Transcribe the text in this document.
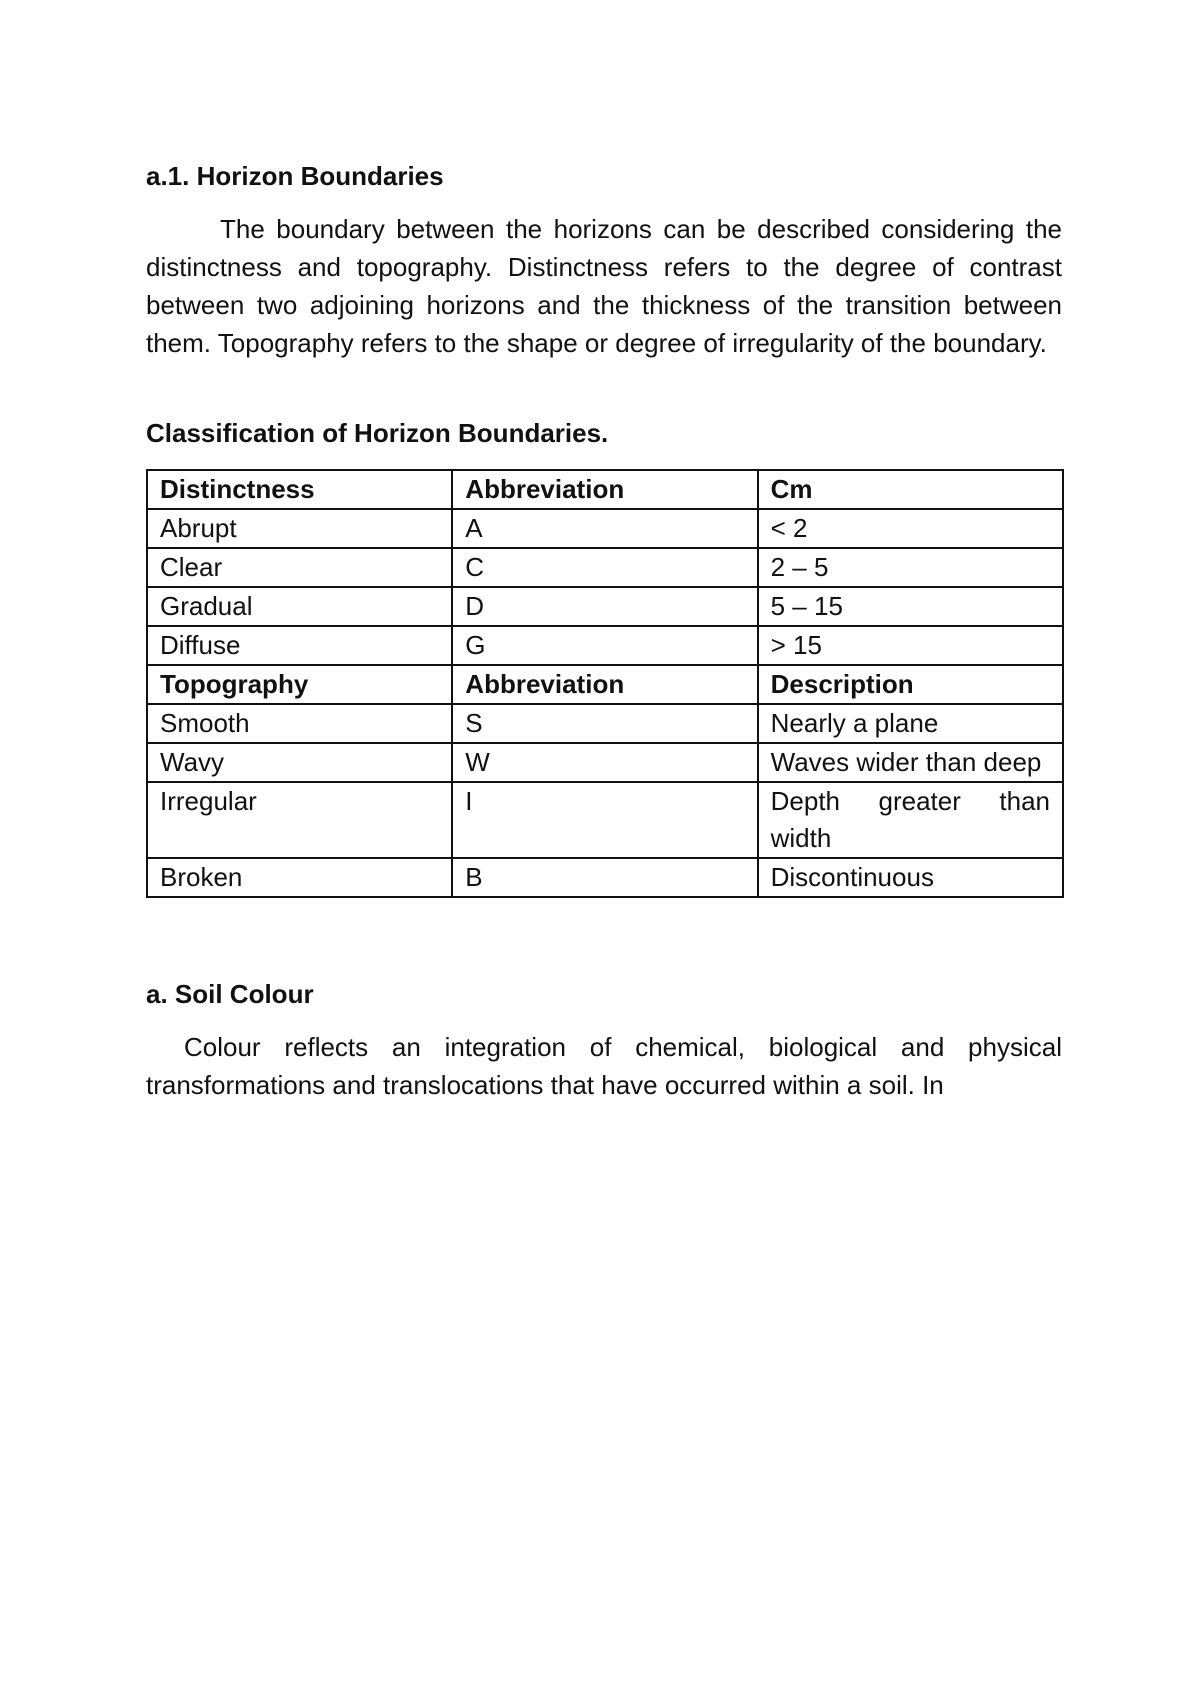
a.1. Horizon Boundaries

The boundary between the horizons can be described considering the distinctness and topography. Distinctness refers to the degree of contrast between two adjoining horizons and the thickness of the transition between them. Topography refers to the shape or degree of irregularity of the boundary.

Classification of Horizon Boundaries.
Distinctness	Abbreviation	Cm
Abrupt	A	< 2
Clear	C	2 – 5
Gradual	D	5 – 15
Diffuse	G	> 15
Topography	Abbreviation	Description
Smooth	S	Nearly a plane
Wavy	W	Waves wider than deep
Irregular	I	Depth greater than width
Broken	B	Discontinuous
a. Soil Colour

Colour reflects an integration of chemical, biological and physical transformations and translocations that have occurred within a soil. In
